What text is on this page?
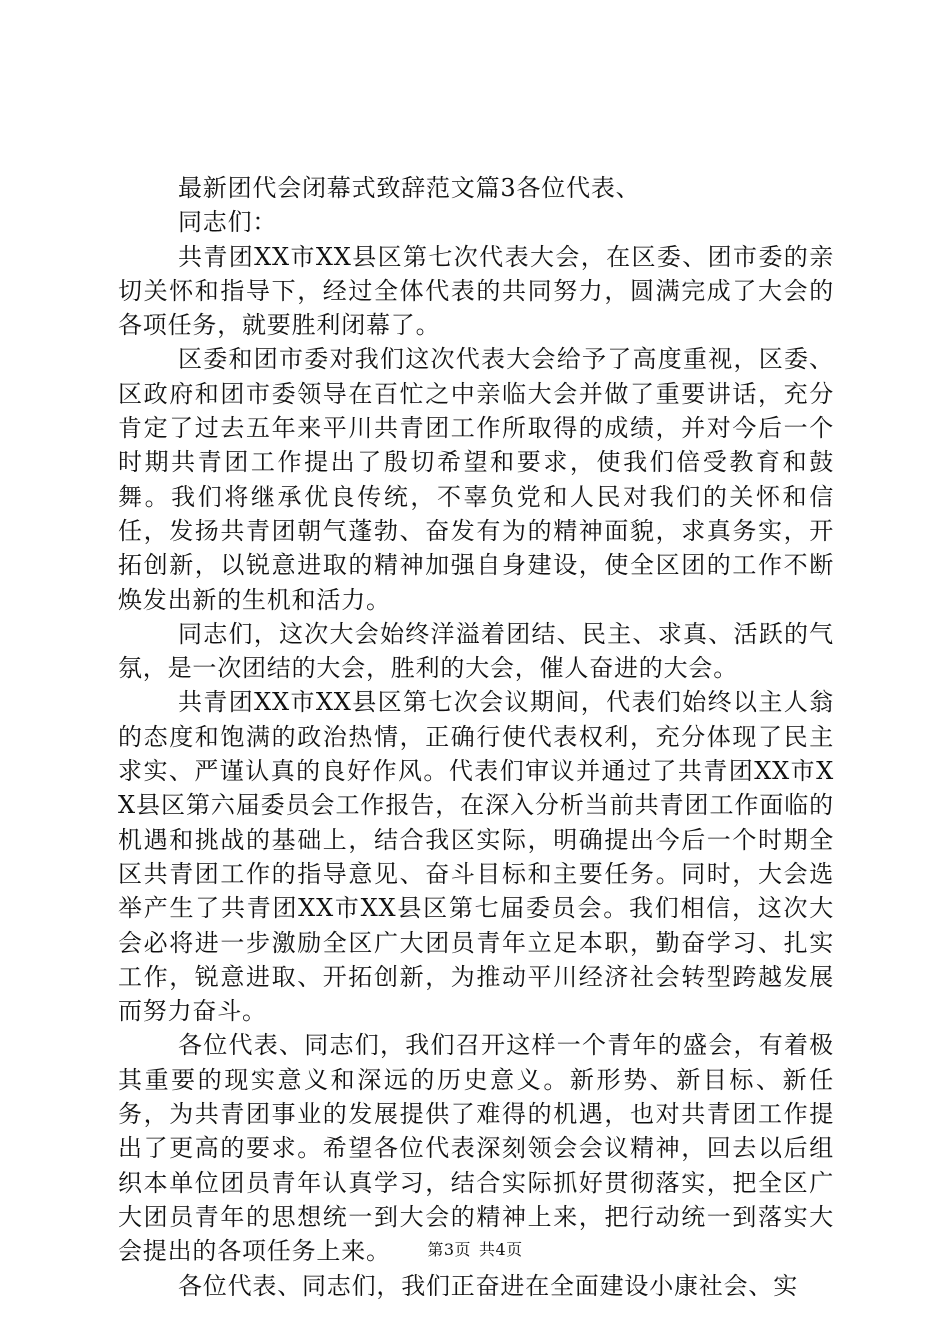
最新团代会闭幕式致辞范文篇3各位代表、

同志们：

共青团XX市XX县区第七次代表大会，在区委、团市委的亲切关怀和指导下，经过全体代表的共同努力，圆满完成了大会的各项任务，就要胜利闭幕了。

区委和团市委对我们这次代表大会给予了高度重视，区委、区政府和团市委领导在百忙之中亲临大会并做了重要讲话，充分肯定了过去五年来平川共青团工作所取得的成绩，并对今后一个时期共青团工作提出了殷切希望和要求，使我们倍受教育和鼓舞。我们将继承优良传统，不辜负党和人民对我们的关怀和信任，发扬共青团朝气蓬勃、奋发有为的精神面貌，求真务实，开拓创新，以锐意进取的精神加强自身建设，使全区团的工作不断焕发出新的生机和活力。

同志们，这次大会始终洋溢着团结、民主、求真、活跃的气氛，是一次团结的大会，胜利的大会，催人奋进的大会。

共青团XX市XX县区第七次会议期间，代表们始终以主人翁的态度和饱满的政治热情，正确行使代表权利，充分体现了民主求实、严谨认真的良好作风。代表们审议并通过了共青团XX市XX县区第六届委员会工作报告，在深入分析当前共青团工作面临的机遇和挑战的基础上，结合我区实际，明确提出今后一个时期全区共青团工作的指导意见、奋斗目标和主要任务。同时，大会选举产生了共青团XX市XX县区第七届委员会。我们相信，这次大会必将进一步激励全区广大团员青年立足本职，勤奋学习、扎实工作，锐意进取、开拓创新，为推动平川经济社会转型跨越发展而努力奋斗。

各位代表、同志们，我们召开这样一个青年的盛会，有着极其重要的现实意义和深远的历史意义。新形势、新目标、新任务，为共青团事业的发展提供了难得的机遇，也对共青团工作提出了更高的要求。希望各位代表深刻领会会议精神，回去以后组织本单位团员青年认真学习，结合实际抓好贯彻落实，把全区广大团员青年的思想统一到大会的精神上来，把行动统一到落实大会提出的各项任务上来。

各位代表、同志们，我们正奋进在全面建设小康社会、实

第3页 共4页
